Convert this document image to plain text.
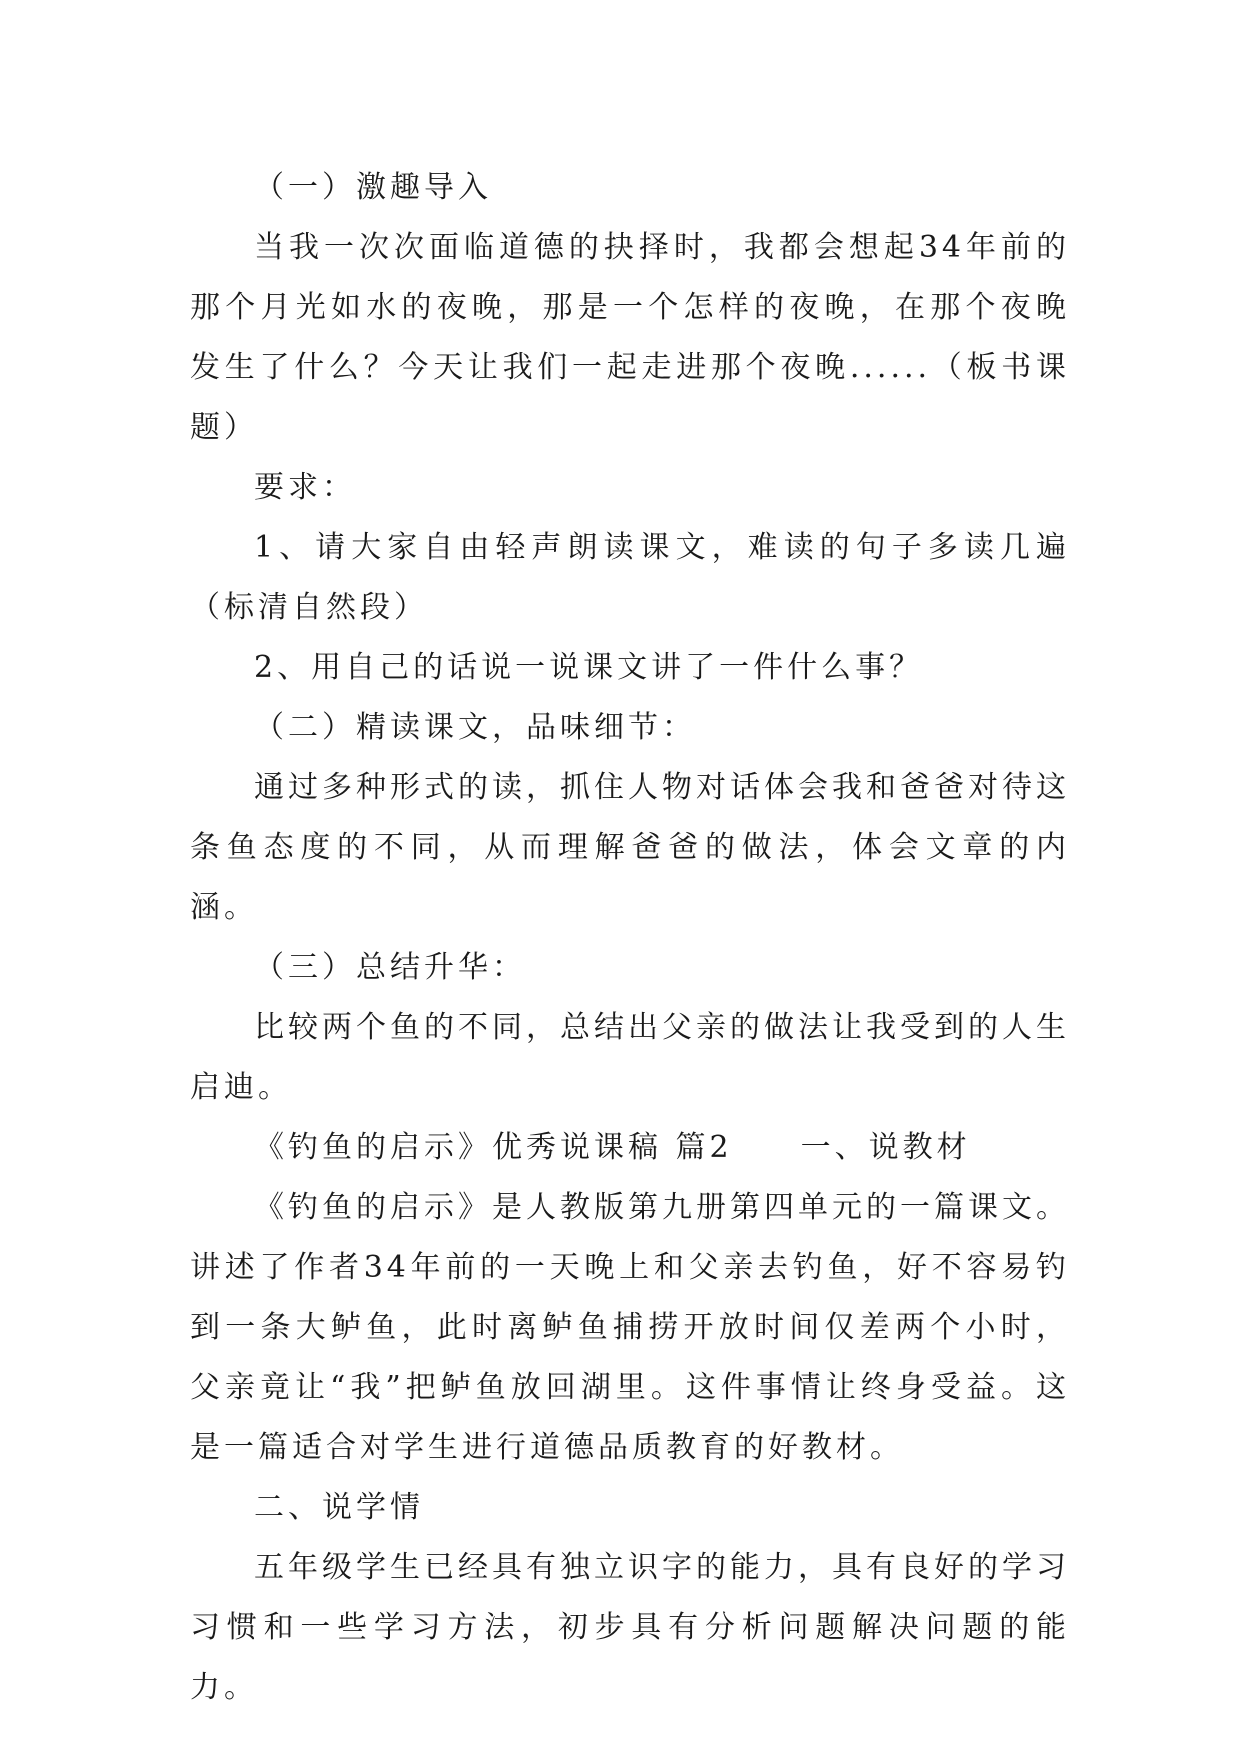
（一）激趣导入

当我一次次面临道德的抉择时，我都会想起34年前的那个月光如水的夜晚，那是一个怎样的夜晚，在那个夜晚发生了什么？今天让我们一起走进那个夜晚......（板书课题）

要求：

1、请大家自由轻声朗读课文，难读的句子多读几遍（标清自然段）

2、用自己的话说一说课文讲了一件什么事？

（二）精读课文，品味细节：

通过多种形式的读，抓住人物对话体会我和爸爸对待这条鱼态度的不同，从而理解爸爸的做法，体会文章的内涵。

（三）总结升华：

比较两个鱼的不同，总结出父亲的做法让我受到的人生启迪。

《钓鱼的启示》优秀说课稿 篇2　　一、说教材

《钓鱼的启示》是人教版第九册第四单元的一篇课文。讲述了作者34年前的一天晚上和父亲去钓鱼，好不容易钓到一条大鲈鱼，此时离鲈鱼捕捞开放时间仅差两个小时，父亲竟让“我”把鲈鱼放回湖里。这件事情让终身受益。这是一篇适合对学生进行道德品质教育的好教材。

二、说学情

五年级学生已经具有独立识字的能力，具有良好的学习习惯和一些学习方法，初步具有分析问题解决问题的能力。
